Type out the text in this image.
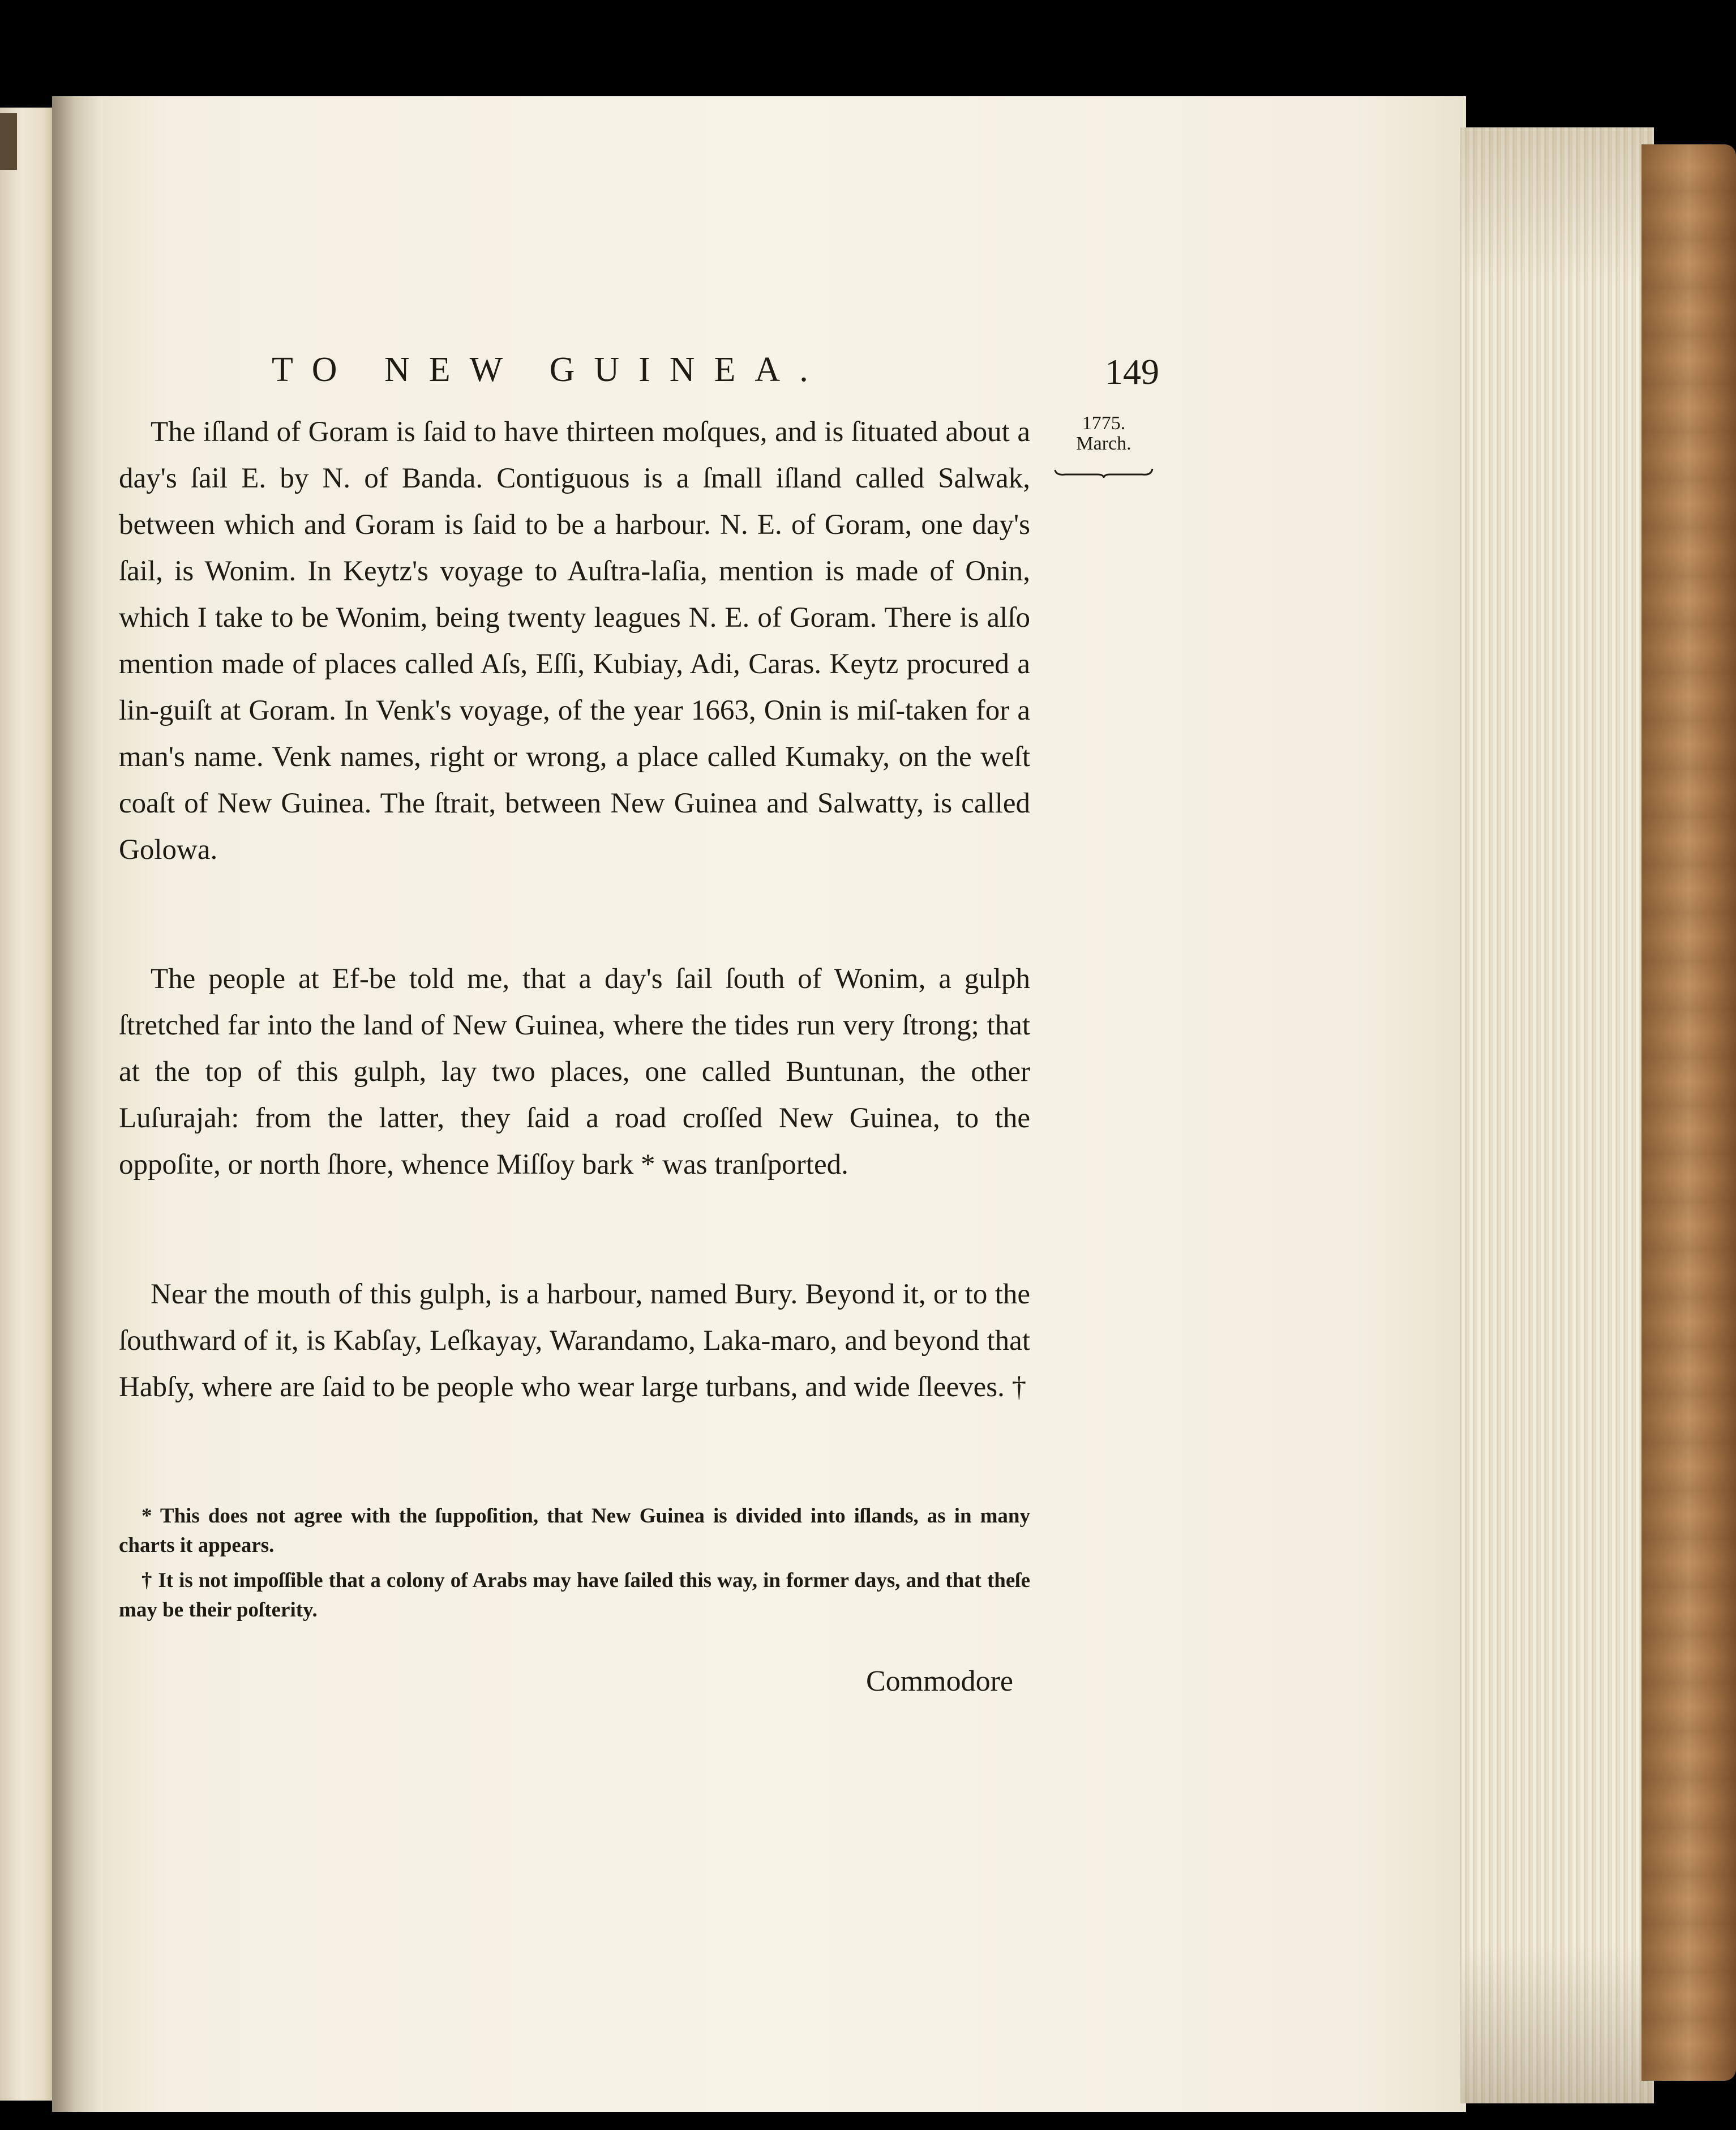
TO NEW GUINEA.	149
1775.
March.

The iſland of Goram is ſaid to have thirteen moſques, and is ſituated about a day's ſail E. by N. of Banda. Contiguous is a ſmall iſland called Salwak, between which and Goram is ſaid to be a harbour. N. E. of Goram, one day's ſail, is Wonim. In Keytz's voyage to Auſtra-laſia, mention is made of Onin, which I take to be Wonim, being twenty leagues N. E. of Goram. There is alſo mention made of places called Aſs, Eſſi, Kubiay, Adi, Caras. Keytz procured a lin-guiſt at Goram. In Venk's voyage, of the year 1663, Onin is miſ-taken for a man's name. Venk names, right or wrong, a place called Kumaky, on the weſt coaſt of New Guinea. The ſtrait, between New Guinea and Salwatty, is called Golowa.

The people at Ef-be told me, that a day's ſail ſouth of Wonim, a gulph ſtretched far into the land of New Guinea, where the tides run very ſtrong; that at the top of this gulph, lay two places, one called Buntunan, the other Luſurajah: from the latter, they ſaid a road croſſed New Guinea, to the oppoſite, or north ſhore, whence Miſſoy bark * was tranſported.

Near the mouth of this gulph, is a harbour, named Bury. Beyond it, or to the ſouthward of it, is Kabſay, Leſkayay, Warandamo, Laka-maro, and beyond that Habſy, where are ſaid to be people who wear large turbans, and wide ſleeves. †

* This does not agree with the ſuppoſition, that New Guinea is divided into iſlands, as in many charts it appears.

† It is not impoſſible that a colony of Arabs may have ſailed this way, in former days, and that theſe may be their poſterity.

Commodore
